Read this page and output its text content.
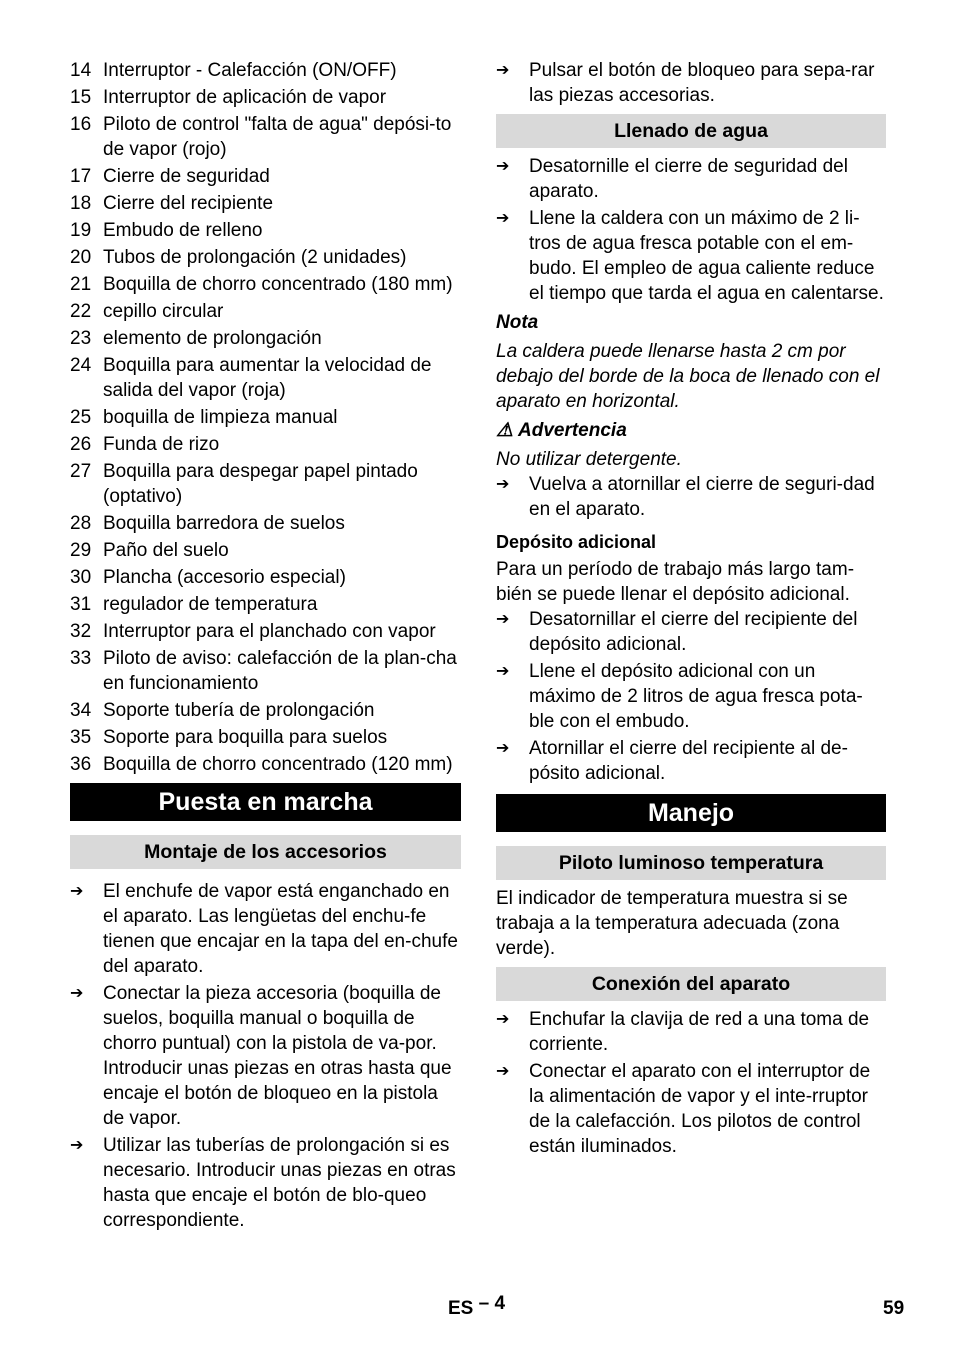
14 Interruptor - Calefacción (ON/OFF)
15 Interruptor de aplicación de vapor
16 Piloto de control "falta de agua" depósi-to de vapor (rojo)
17 Cierre de seguridad
18 Cierre del recipiente
19 Embudo de relleno
20 Tubos de prolongación (2 unidades)
21 Boquilla de chorro concentrado (180 mm)
22 cepillo circular
23 elemento de prolongación
24 Boquilla para aumentar la velocidad de salida del vapor (roja)
25 boquilla de limpieza manual
26 Funda de rizo
27 Boquilla para despegar papel pintado (optativo)
28 Boquilla barredora de suelos
29 Paño del suelo
30 Plancha (accesorio especial)
31 regulador de temperatura
32 Interruptor para el planchado con vapor
33 Piloto de aviso: calefacción de la plan-cha en funcionamiento
34 Soporte tubería de prolongación
35 Soporte para boquilla para suelos
36 Boquilla de chorro concentrado (120 mm)
Puesta en marcha
Montaje de los accesorios
➔	El enchufe de vapor está enganchado en el aparato. Las lengüetas del enchu-fe tienen que encajar en la tapa del en-chufe del aparato.
➔	Conectar la pieza accesoria (boquilla de suelos, boquilla manual o boquilla de chorro puntual) con la pistola de va-por. Introducir unas piezas en otras hasta que encaje el botón de bloqueo en la pistola de vapor.
➔	Utilizar las tuberías de prolongación si es necesario. Introducir unas piezas en otras hasta que encaje el botón de blo-queo correspondiente.
➔	Pulsar el botón de bloqueo para sepa-rar las piezas accesorias.
Llenado de agua
➔	Desatornille el cierre de seguridad del aparato.
➔	Llene la caldera con un máximo de 2 li-tros de agua fresca potable con el em-budo. El empleo de agua caliente reduce el tiempo que tarda el agua en calentarse.
Nota
La caldera puede llenarse hasta 2 cm por debajo del borde de la boca de llenado con el aparato en horizontal.
⚠ Advertencia
No utilizar detergente.
➔	Vuelva a atornillar el cierre de seguri-dad en el aparato.
Depósito adicional
Para un período de trabajo más largo tam-bién se puede llenar el depósito adicional.
➔	Desatornillar el cierre del recipiente del depósito adicional.
➔	Llene el depósito adicional con un máximo de 2 litros de agua fresca pota-ble con el embudo.
➔	Atornillar el cierre del recipiente al de-pósito adicional.
Manejo
Piloto luminoso temperatura
El indicador de temperatura muestra si se trabaja a la temperatura adecuada (zona verde).
Conexión del aparato
➔	Enchufar la clavija de red a una toma de corriente.
➔	Conectar el aparato con el interruptor de la alimentación de vapor y el inte-rruptor de la calefacción. Los pilotos de control están iluminados.
ES – 4	59
